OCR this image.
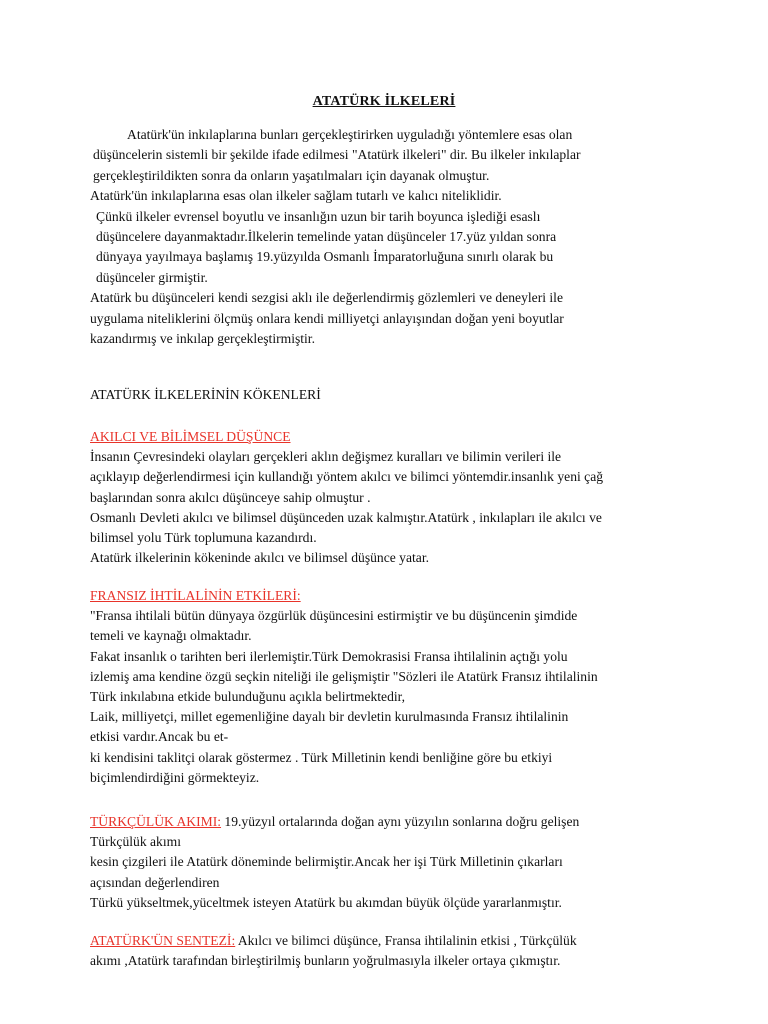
ATATÜRK İLKELERİ
Atatürk'ün inkılaplarına bunları gerçekleştirirken uyguladığı yöntemlere esas olan
düşüncelerin sistemli bir şekilde ifade edilmesi "Atatürk ilkeleri" dir. Bu ilkeler inkılaplar
gerçekleştirildikten sonra da onların yaşatılmaları için dayanak olmuştur.
Atatürk'ün inkılaplarına esas olan ilkeler sağlam tutarlı ve kalıcı niteliklidir.
Çünkü ilkeler evrensel boyutlu ve insanlığın uzun bir tarih boyunca işlediği esaslı
düşüncelere dayanmaktadır.İlkelerin temelinde yatan düşünceler 17.yüz yıldan sonra
dünyaya yayılmaya başlamış 19.yüzyılda Osmanlı İmparatorluğuna sınırlı olarak bu
düşünceler girmiştir.
Atatürk bu düşünceleri kendi sezgisi aklı ile değerlendirmiş gözlemleri ve deneyleri ile
uygulama niteliklerini ölçmüş onlara kendi milliyetçi anlayışından doğan yeni boyutlar
kazandırmış ve inkılap gerçekleştirmiştir.
ATATÜRK İLKELERİNİN KÖKENLERİ
AKILCI VE BİLİMSEL DÜŞÜNCE
İnsanın Çevresindeki olayları gerçekleri aklın değişmez kuralları ve bilimin verileri ile
açıklayıp değerlendirmesi için kullandığı yöntem akılcı ve bilimci yöntemdir.insanlık yeni çağ
başlarından sonra akılcı düşünceye sahip olmuştur .
Osmanlı Devleti akılcı ve bilimsel düşünceden uzak kalmıştır.Atatürk , inkılapları ile akılcı ve
bilimsel yolu Türk toplumuna kazandırdı.
Atatürk ilkelerinin kökeninde akılcı ve bilimsel düşünce yatar.
FRANSIZ İHTİLALİNİN ETKİLERİ:
"Fransa ihtilali bütün dünyaya özgürlük düşüncesini estirmiştir ve bu düşüncenin şimdide
temeli ve kaynağı olmaktadır.
Fakat insanlık o tarihten beri ilerlemiştir.Türk Demokrasisi Fransa ihtilalinin açtığı yolu
izlemiş ama kendine özgü seçkin niteliği ile gelişmiştir "Sözleri ile Atatürk Fransız ihtilalinin
Türk inkılabına etkide bulunduğunu açıkla belirtmektedir,
Laik, milliyetçi, millet egemenliğine dayalı bir devletin kurulmasında Fransız ihtilalinin
etkisi vardır.Ancak bu et-
ki kendisini taklitçi olarak göstermez . Türk Milletinin kendi benliğine göre bu etkiyi
biçimlendirdiğini görmekteyiz.
TÜRKÇÜLÜK AKIMI: 19.yüzyıl ortalarında doğan aynı yüzyılın sonlarına doğru gelişen
Türkçülük akımı
kesin çizgileri ile Atatürk döneminde belirmiştir.Ancak her işi Türk Milletinin çıkarları
açısından değerlendiren
Türkü yükseltmek,yüceltmek isteyen Atatürk bu akımdan büyük ölçüde yararlanmıştır.
ATATÜRK'ÜN SENTEZİ: Akılcı ve bilimci düşünce, Fransa ihtilalinin etkisi , Türkçülük
akımı ,Atatürk tarafından birleştirilmiş bunların yoğrulmasıyla ilkeler ortaya çıkmıştır.
